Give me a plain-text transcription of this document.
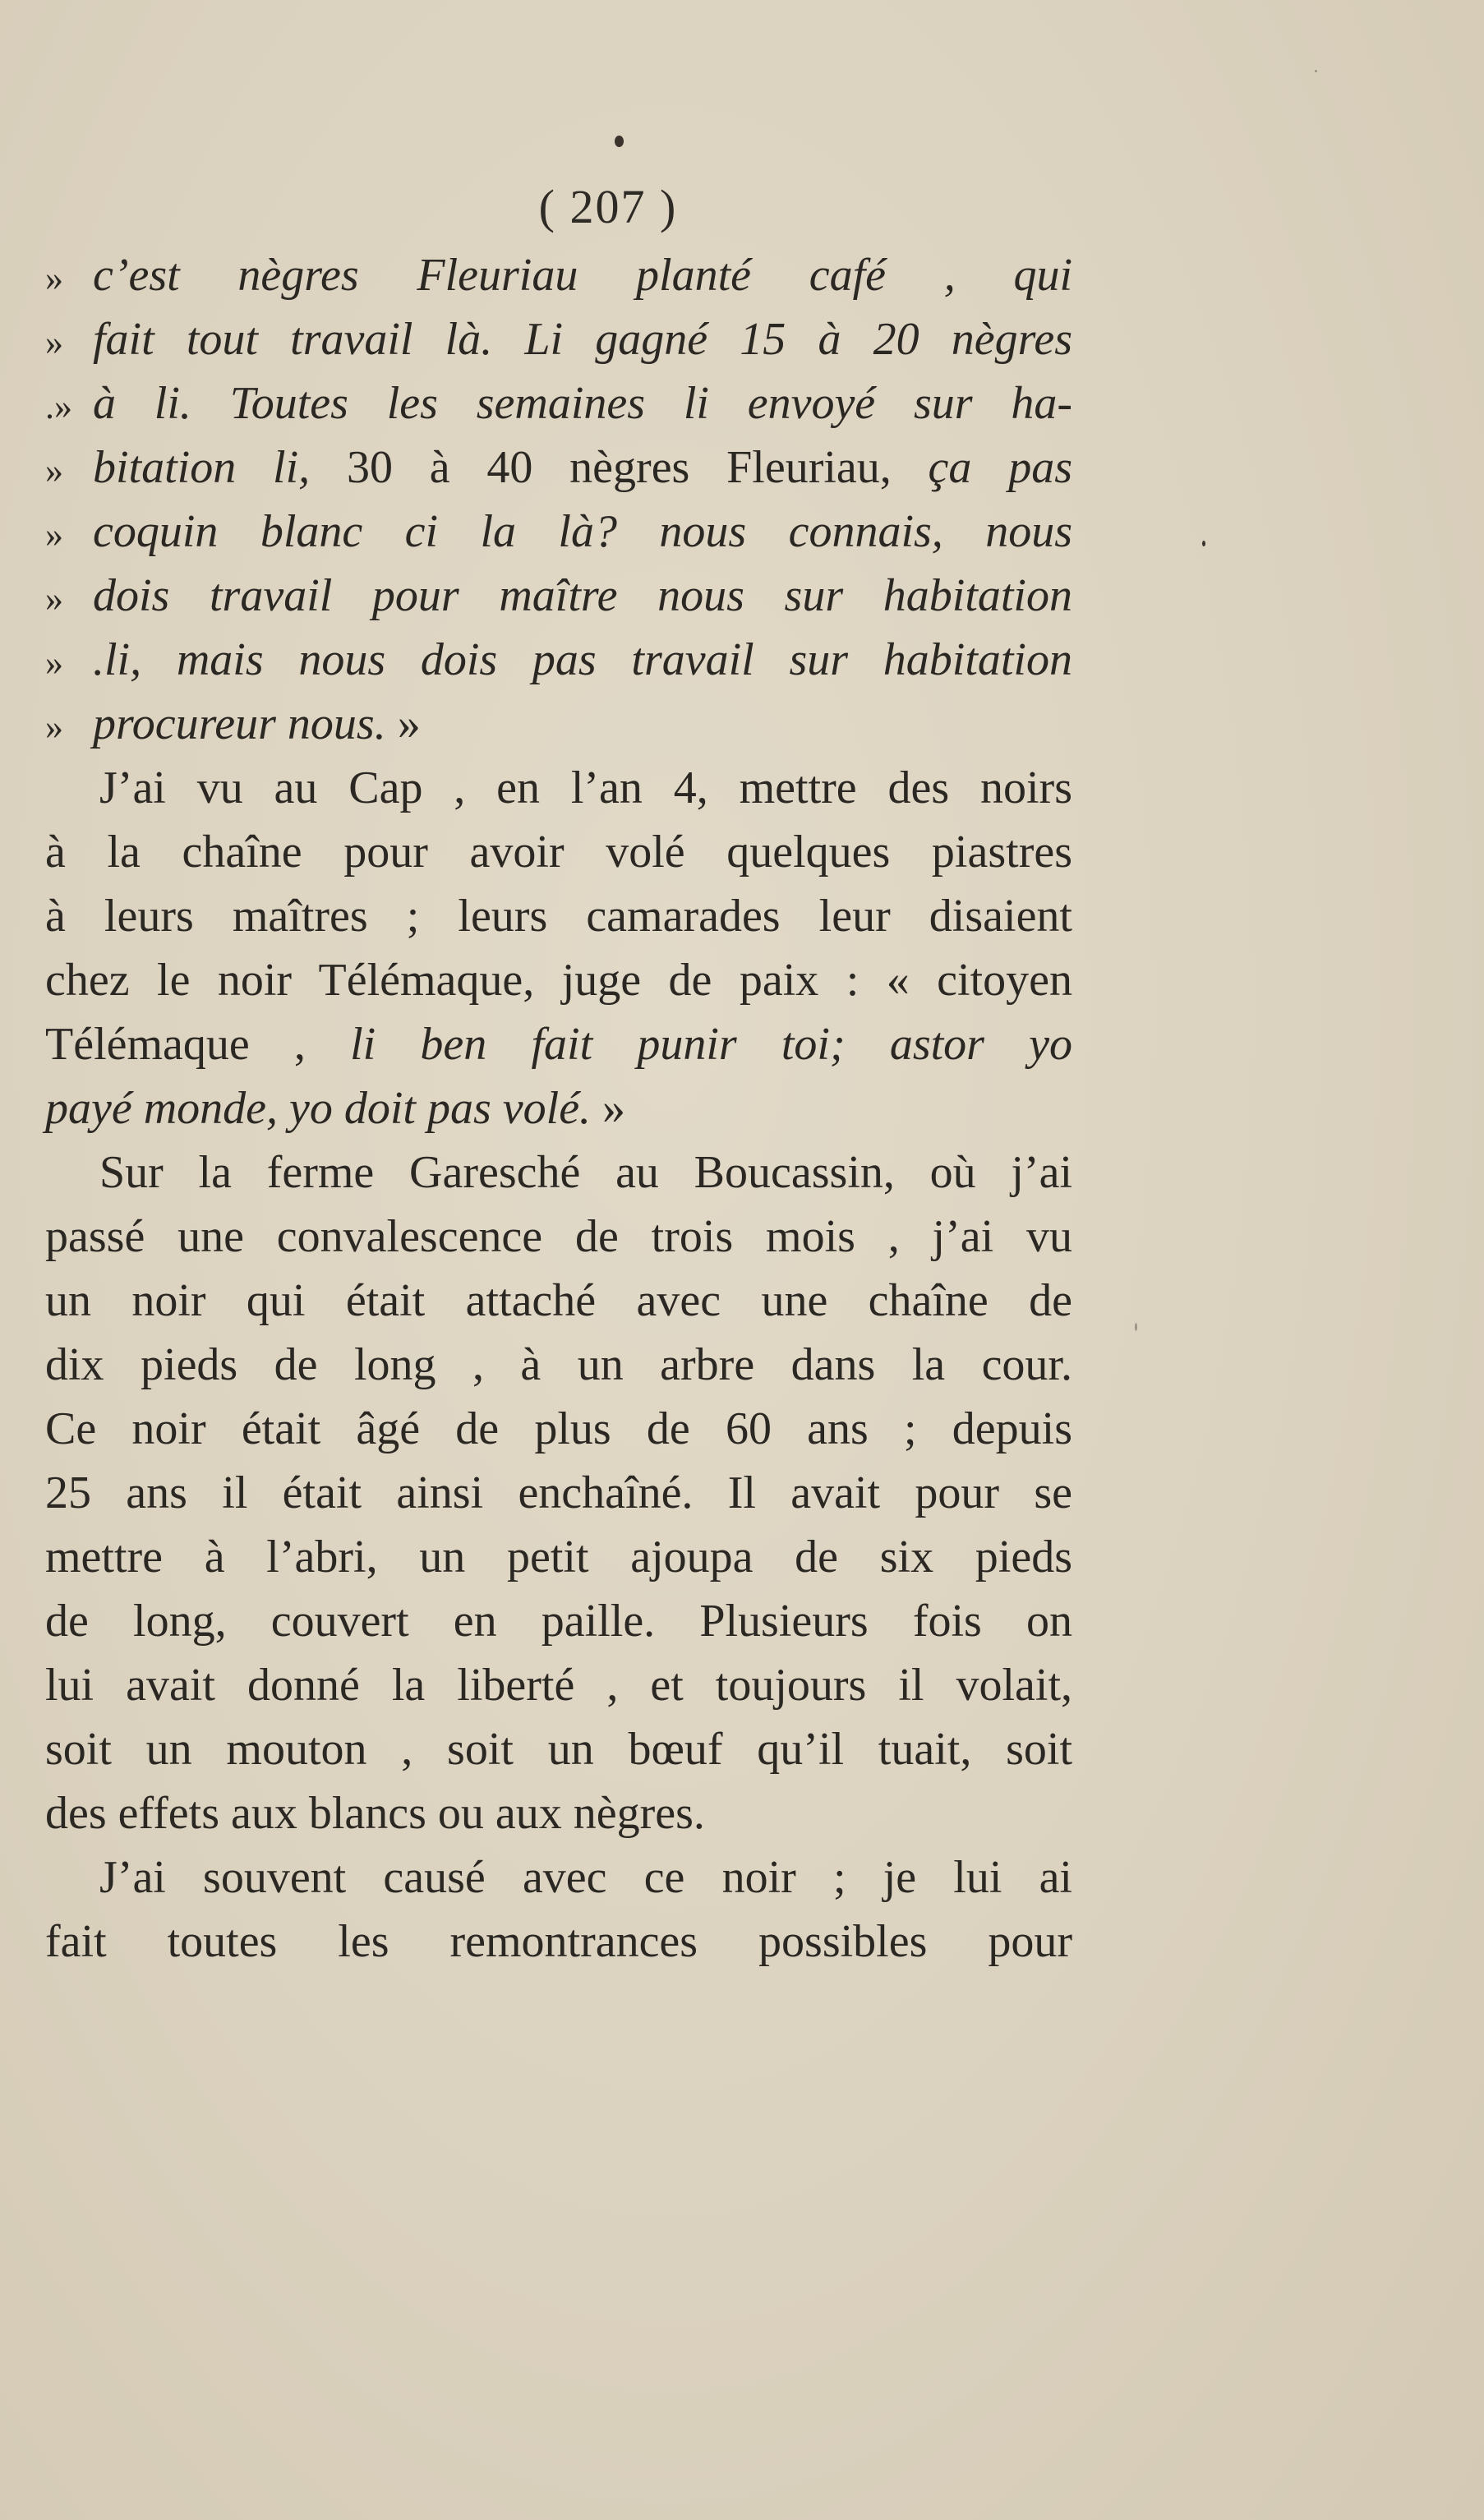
( 207 )
» c’est nègres Fleuriau planté café , qui
» fait tout travail là. Li gagné 15 à 20 nègres
.» à li. Toutes les semaines li envoyé sur ha-
» bitation li, 30 à 40 nègres Fleuriau, ça pas
» coquin blanc ci la là? nous connais, nous
» dois travail pour maître nous sur habitation
» .li, mais nous dois pas travail sur habitation
» procureur nous. »
J’ai vu au Cap , en l’an 4, mettre des noirs
à la chaîne pour avoir volé quelques piastres
à leurs maîtres ; leurs camarades leur disaient
chez le noir Télémaque, juge de paix : « citoyen
Télémaque , li ben fait punir toi; astor yo
payé monde, yo doit pas volé. »
Sur la ferme Garesché au Boucassin, où j’ai
passé une convalescence de trois mois , j’ai vu
un noir qui était attaché avec une chaîne de
dix pieds de long , à un arbre dans la cour.
Ce noir était âgé de plus de 60 ans ; depuis
25 ans il était ainsi enchaîné. Il avait pour se
mettre à l’abri, un petit ajoupa de six pieds
de long, couvert en paille. Plusieurs fois on
lui avait donné la liberté , et toujours il volait,
soit un mouton , soit un bœuf qu’il tuait, soit
des effets aux blancs ou aux nègres.
J’ai souvent causé avec ce noir ; je lui ai
fait toutes les remontrances possibles pour
